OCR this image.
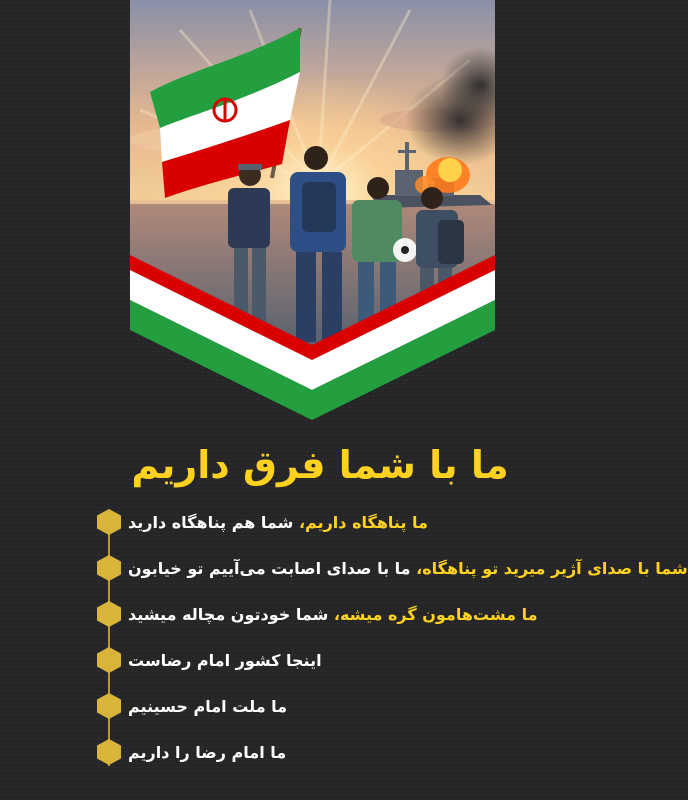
ما با شما فرق داریم
ما پناهگاه داریم، شما هم پناهگاه دارید
شما با صدای آژیر میرید تو پناهگاه، ما با صدای اصابت می‌آییم تو خیابون
ما مشت‌هامون گره میشه، شما خودتون مچاله میشید
اینجا کشور امام رضاست
ما ملت امام حسینیم
ما امام رضا را داریم
